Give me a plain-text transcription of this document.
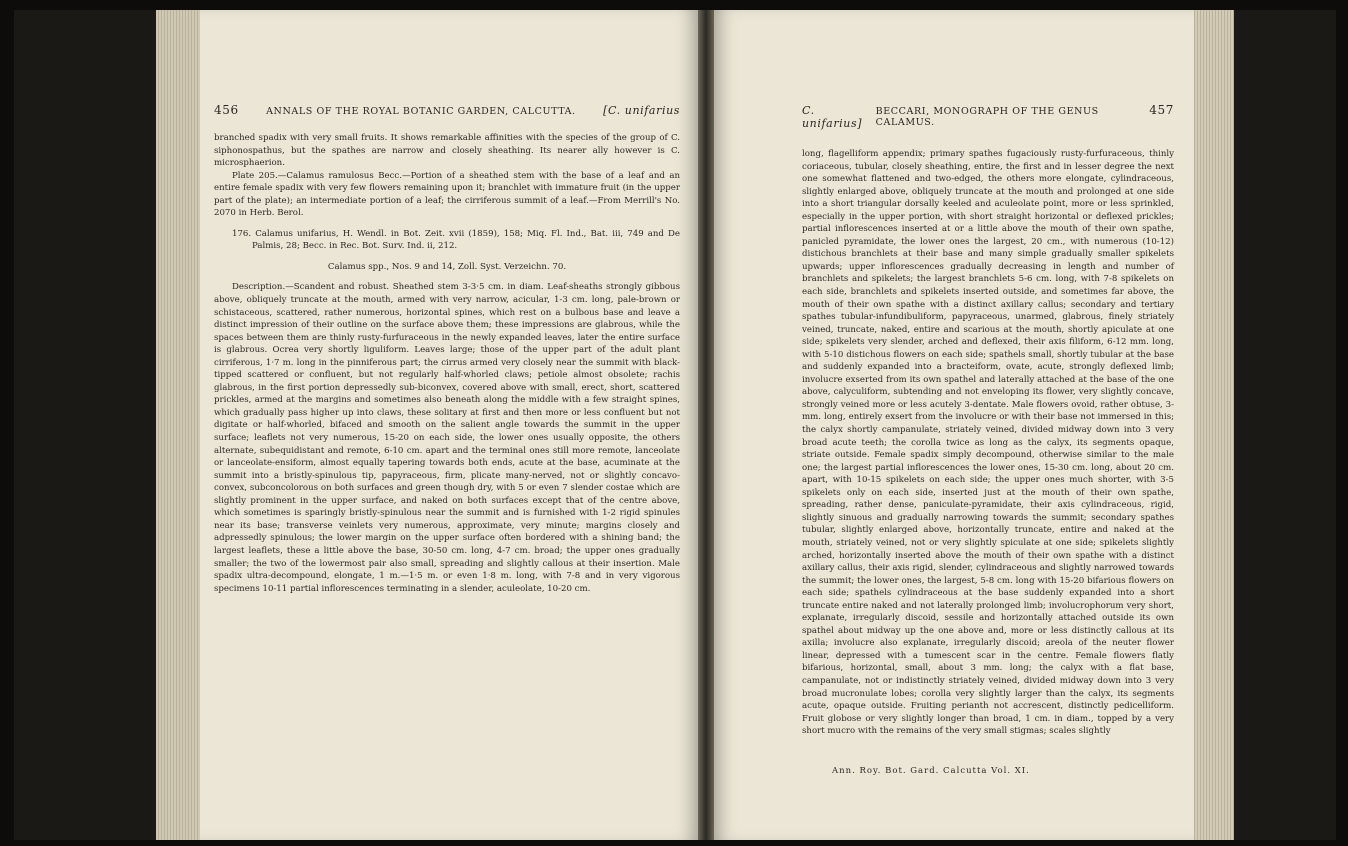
456	ANNALS OF THE ROYAL BOTANIC GARDEN, CALCUTTA. [C. unifarius

branched spadix with very small fruits. It shows remarkable affinities with the species of the group of C. siphonospathus, but the spathes are narrow and closely sheathing. Its nearer ally however is C. microsphaerion.

Plate 205.—Calamus ramulosus Becc.—Portion of a sheathed stem with the base of a leaf and an entire female spadix with very few flowers remaining upon it; branchlet with immature fruit (in the upper part of the plate); an intermediate portion of a leaf; the cirriferous summit of a leaf.—From Merrill's No. 2070 in Herb. Berol.

176. Calamus unifarius, H. Wendl. in Bot. Zeit. xvii (1859), 158; Miq. Fl. Ind., Bat. iii, 749 and De Palmis, 28; Becc. in Rec. Bot. Surv. Ind. ii, 212.

Calamus spp., Nos. 9 and 14, Zoll. Syst. Verzeichn. 70.

Description.—Scandent and robust. Sheathed stem 3-3·5 cm. in diam. Leaf-sheaths strongly gibbous above, obliquely truncate at the mouth, armed with very narrow, acicular, 1-3 cm. long, pale-brown or schistaceous, scattered, rather numerous, horizontal spines, which rest on a bulbous base and leave a distinct impression of their outline on the surface above them; these impressions are glabrous, while the spaces between them are thinly rusty-furfuraceous in the newly expanded leaves, later the entire surface is glabrous. Ocrea very shortly liguliform. Leaves large; those of the upper part of the adult plant cirriferous, 1·7 m. long in the pinniferous part; the cirrus armed very closely near the summit with black-tipped scattered or confluent, but not regularly half-whorled claws; petiole almost obsolete; rachis glabrous, in the first portion depressedly sub-biconvex, covered above with small, erect, short, scattered prickles, armed at the margins and sometimes also beneath along the middle with a few straight spines, which gradually pass higher up into claws, these solitary at first and then more or less confluent but not digitate or half-whorled, bifaced and smooth on the salient angle towards the summit in the upper surface; leaflets not very numerous, 15-20 on each side, the lower ones usually opposite, the others alternate, subequidistant and remote, 6-10 cm. apart and the terminal ones still more remote, lanceolate or lanceolate-ensiform, almost equally tapering towards both ends, acute at the base, acuminate at the summit into a bristly-spinulous tip, papyraceous, firm, plicate many-nerved, not or slightly concavo-convex, subconcolorous on both surfaces and green though dry, with 5 or even 7 slender costae which are slightly prominent in the upper surface, and naked on both surfaces except that of the centre above, which sometimes is sparingly bristly-spinulous near the summit and is furnished with 1-2 rigid spinules near its base; transverse veinlets very numerous, approximate, very minute; margins closely and adpressedly spinulous; the lower margin on the upper surface often bordered with a shining band; the largest leaflets, these a little above the base, 30-50 cm. long, 4-7 cm. broad; the upper ones gradually smaller; the two of the lowermost pair also small, spreading and slightly callous at their insertion. Male spadix ultra-decompound, elongate, 1 m.—1·5 m. or even 1·8 m. long, with 7-8 and in very vigorous specimens 10-11 partial inflorescences terminating in a slender, aculeolate, 10-20 cm.

C. unifarius]
BECCARI, MONOGRAPH OF THE GENUS CALAMUS.
457

long, flagelliform appendix; primary spathes fugaciously rusty-furfuraceous, thinly coriaceous, tubular, closely sheathing, entire, the first and in lesser degree the next one somewhat flattened and two-edged, the others more elongate, cylindraceous, slightly enlarged above, obliquely truncate at the mouth and prolonged at one side into a short triangular dorsally keeled and aculeolate point, more or less sprinkled, especially in the upper portion, with short straight horizontal or deflexed prickles; partial inflorescences inserted at or a little above the mouth of their own spathe, panicled pyramidate, the lower ones the largest, 20 cm., with numerous (10-12) distichous branchlets at their base and many simple gradually smaller spikelets upwards; upper inflorescences gradually decreasing in length and number of branchlets and spikelets; the largest branchlets 5-6 cm. long, with 7-8 spikelets on each side, branchlets and spikelets inserted outside, and sometimes far above, the mouth of their own spathe with a distinct axillary callus; secondary and tertiary spathes tubular-infundibuliform, papyraceous, unarmed, glabrous, finely striately veined, truncate, naked, entire and scarious at the mouth, shortly apiculate at one side; spikelets very slender, arched and deflexed, their axis filiform, 6-12 mm. long, with 5-10 distichous flowers on each side; spathels small, shortly tubular at the base and suddenly expanded into a bracteiform, ovate, acute, strongly deflexed limb; involucre exserted from its own spathel and laterally attached at the base of the one above, calyculiform, subtending and not enveloping its flower, very slightly concave, strongly veined more or less acutely 3-dentate. Male flowers ovoid, rather obtuse, 3-mm. long, entirely exsert from the involucre or with their base not immersed in this; the calyx shortly campanulate, striately veined, divided midway down into 3 very broad acute teeth; the corolla twice as long as the calyx, its segments opaque, striate outside. Female spadix simply decompound, otherwise similar to the male one; the largest partial inflorescences the lower ones, 15-30 cm. long, about 20 cm. apart, with 10-15 spikelets on each side; the upper ones much shorter, with 3-5 spikelets only on each side, inserted just at the mouth of their own spathe, spreading, rather dense, paniculate-pyramidate, their axis cylindraceous, rigid, slightly sinuous and gradually narrowing towards the summit; secondary spathes tubular, slightly enlarged above, horizontally truncate, entire and naked at the mouth, striately veined, not or very slightly spiculate at one side; spikelets slightly arched, horizontally inserted above the mouth of their own spathe with a distinct axillary callus, their axis rigid, slender, cylindraceous and slightly narrowed towards the summit; the lower ones, the largest, 5-8 cm. long with 15-20 bifarious flowers on each side; spathels cylindraceous at the base suddenly expanded into a short truncate entire naked and not laterally prolonged limb; involucrophorum very short, explanate, irregularly discoid, sessile and horizontally attached outside its own spathel about midway up the one above and, more or less distinctly callous at its axilla; involucre also explanate, irregularly discoid; areola of the neuter flower linear, depressed with a tumescent scar in the centre. Female flowers flatly bifarious, horizontal, small, about 3 mm. long; the calyx with a flat base, campanulate, not or indistinctly striately veined, divided midway down into 3 very broad mucronulate lobes; corolla very slightly larger than the calyx, its segments acute, opaque outside. Fruiting perianth not accrescent, distinctly pedicelliform. Fruit globose or very slightly longer than broad, 1 cm. in diam., topped by a very short mucro with the remains of the very small stigmas; scales slightly

Ann. Roy. Bot. Gard. Calcutta Vol. XI.
